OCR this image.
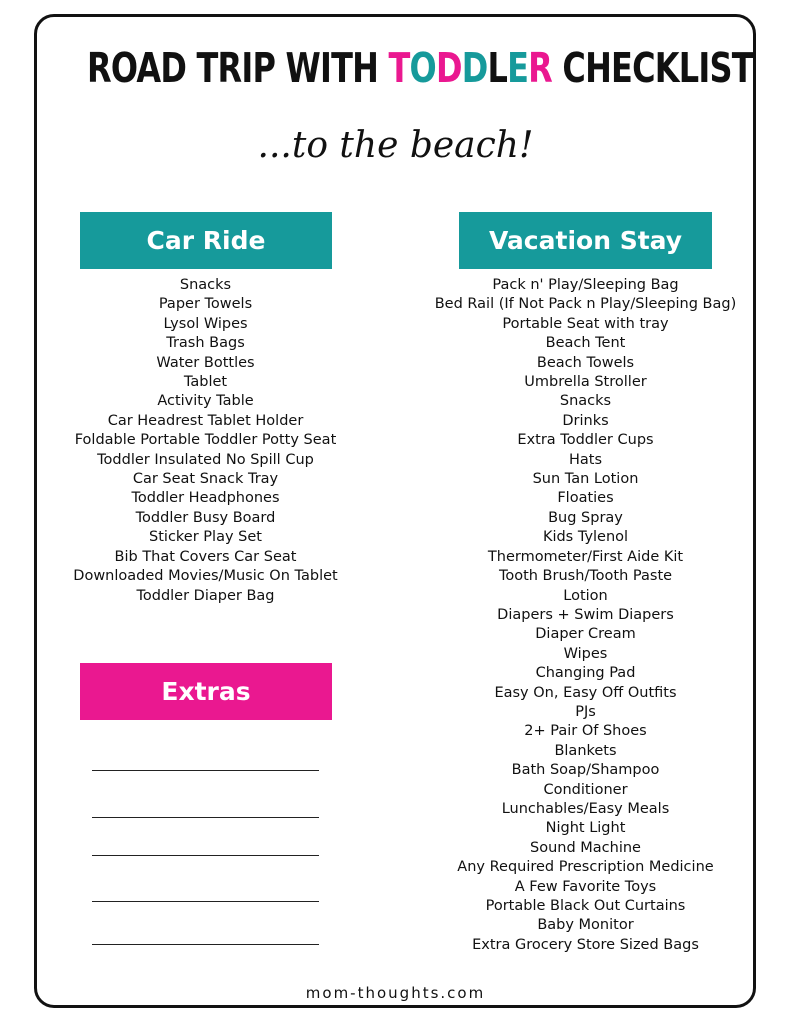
ROAD TRIP WITH TODDLER CHECKLIST
...to the beach!
Car Ride
Snacks
Paper Towels
Lysol Wipes
Trash Bags
Water Bottles
Tablet
Activity Table
Car Headrest Tablet Holder
Foldable Portable Toddler Potty Seat
Toddler Insulated No Spill Cup
Car Seat Snack Tray
Toddler Headphones
Toddler Busy Board
Sticker Play Set
Bib That Covers Car Seat
Downloaded Movies/Music On Tablet
Toddler Diaper Bag
Extras
Vacation Stay
Pack n' Play/Sleeping Bag
Bed Rail (If Not Pack n Play/Sleeping Bag)
Portable Seat with tray
Beach Tent
Beach Towels
Umbrella Stroller
Snacks
Drinks
Extra Toddler Cups
Hats
Sun Tan Lotion
Floaties
Bug Spray
Kids Tylenol
Thermometer/First Aide Kit
Tooth Brush/Tooth Paste
Lotion
Diapers + Swim Diapers
Diaper Cream
Wipes
Changing Pad
Easy On, Easy Off Outfits
PJs
2+ Pair Of Shoes
Blankets
Bath Soap/Shampoo
Conditioner
Lunchables/Easy Meals
Night Light
Sound Machine
Any Required Prescription Medicine
A Few Favorite Toys
Portable Black Out Curtains
Baby Monitor
Extra Grocery Store Sized Bags
mom-thoughts.com
